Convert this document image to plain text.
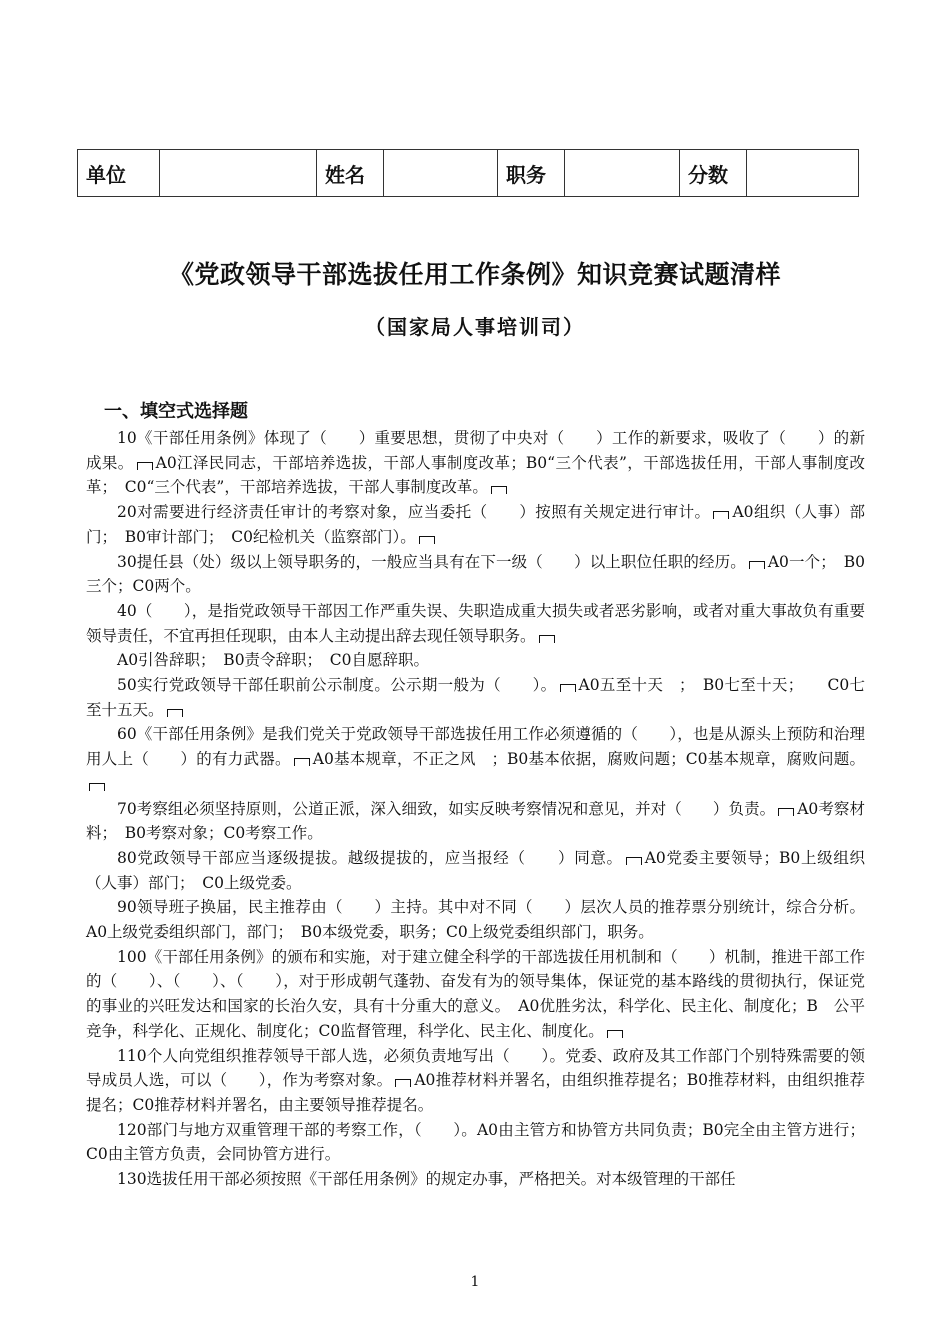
单位		姓名		职务		分数	
《党政领导干部选拔任用工作条例》知识竞赛试题清样
（国家局人事培训司）
一、填空式选择题

10《干部任用条例》体现了（　　）重要思想，贯彻了中央对（　　）工作的新要求，吸收了（　　）的新成果。 A0江泽民同志，干部培养选拔，干部人事制度改革；B0“三个代表”，干部选拔任用，干部人事制度改革；　C0“三个代表”，干部培养选拔，干部人事制度改革。

20对需要进行经济责任审计的考察对象，应当委托（　　）按照有关规定进行审计。 A0组织（人事）部门；　B0审计部门；　C0纪检机关（监察部门）。

30提任县（处）级以上领导职务的，一般应当具有在下一级（　　）以上职位任职的经历。 A0一个；　B0三个；C0两个。

40（　　），是指党政领导干部因工作严重失误、失职造成重大损失或者恶劣影响，或者对重大事故负有重要领导责任，不宜再担任现职，由本人主动提出辞去现任领导职务。

A0引咎辞职；　B0责令辞职；　C0自愿辞职。

50实行党政领导干部任职前公示制度。公示期一般为（　　）。 A0五至十天　；　B0七至十天；　　C0七至十五天。

60《干部任用条例》是我们党关于党政领导干部选拔任用工作必须遵循的（　　），也是从源头上预防和治理用人上（　　）的有力武器。 A0基本规章，不正之风　；B0基本依据，腐败问题；C0基本规章，腐败问题。

70考察组必须坚持原则，公道正派，深入细致，如实反映考察情况和意见，并对（　　）负责。 A0考察材料；　B0考察对象；C0考察工作。

80党政领导干部应当逐级提拔。越级提拔的，应当报经（　　）同意。 A0党委主要领导；B0上级组织（人事）部门；　C0上级党委。

90领导班子换届，民主推荐由（　　）主持。其中对不同（　　）层次人员的推荐票分别统计，综合分析。A0上级党委组织部门，部门；　B0本级党委，职务；C0上级党委组织部门，职务。

100《干部任用条例》的颁布和实施，对于建立健全科学的干部选拔任用机制和（　　）机制，推进干部工作的（　　）、（　　）、（　　），对于形成朝气蓬勃、奋发有为的领导集体，保证党的基本路线的贯彻执行，保证党的事业的兴旺发达和国家的长治久安，具有十分重大的意义。　A0优胜劣汰，科学化、民主化、制度化；B　公平竞争，科学化、正规化、制度化；C0监督管理，科学化、民主化、制度化。

110个人向党组织推荐领导干部人选，必须负责地写出（　　）。党委、政府及其工作部门个别特殊需要的领导成员人选，可以（　　），作为考察对象。 A0推荐材料并署名，由组织推荐提名；B0推荐材料，由组织推荐提名；C0推荐材料并署名，由主要领导推荐提名。

120部门与地方双重管理干部的考察工作，（　　）。A0由主管方和协管方共同负责；B0完全由主管方进行；C0由主管方负责，会同协管方进行。

130选拔任用干部必须按照《干部任用条例》的规定办事，严格把关。对本级管理的干部任

1
